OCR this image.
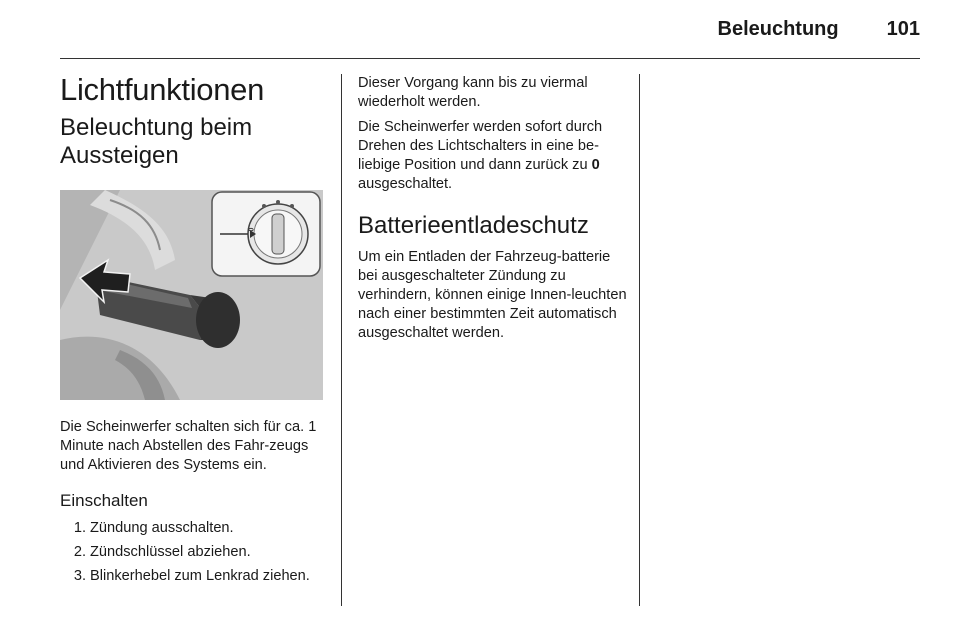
Beleuchtung 101
Lichtfunktionen
Beleuchtung beim Aussteigen
0

Die Scheinwerfer schalten sich für ca. 1 Minute nach Abstellen des Fahr-zeugs und Aktivieren des Systems ein.

Einschalten
1. Zündung ausschalten.
2. Zündschlüssel abziehen.
3. Blinkerhebel zum Lenkrad ziehen.

Dieser Vorgang kann bis zu viermal wiederholt werden.

Die Scheinwerfer werden sofort durch Drehen des Lichtschalters in eine be-liebige Position und dann zurück zu 0 ausgeschaltet.

Batterieentladeschutz

Um ein Entladen der Fahrzeug-batterie bei ausgeschalteter Zündung zu verhindern, können einige Innen-leuchten nach einer bestimmten Zeit automatisch ausgeschaltet werden.
